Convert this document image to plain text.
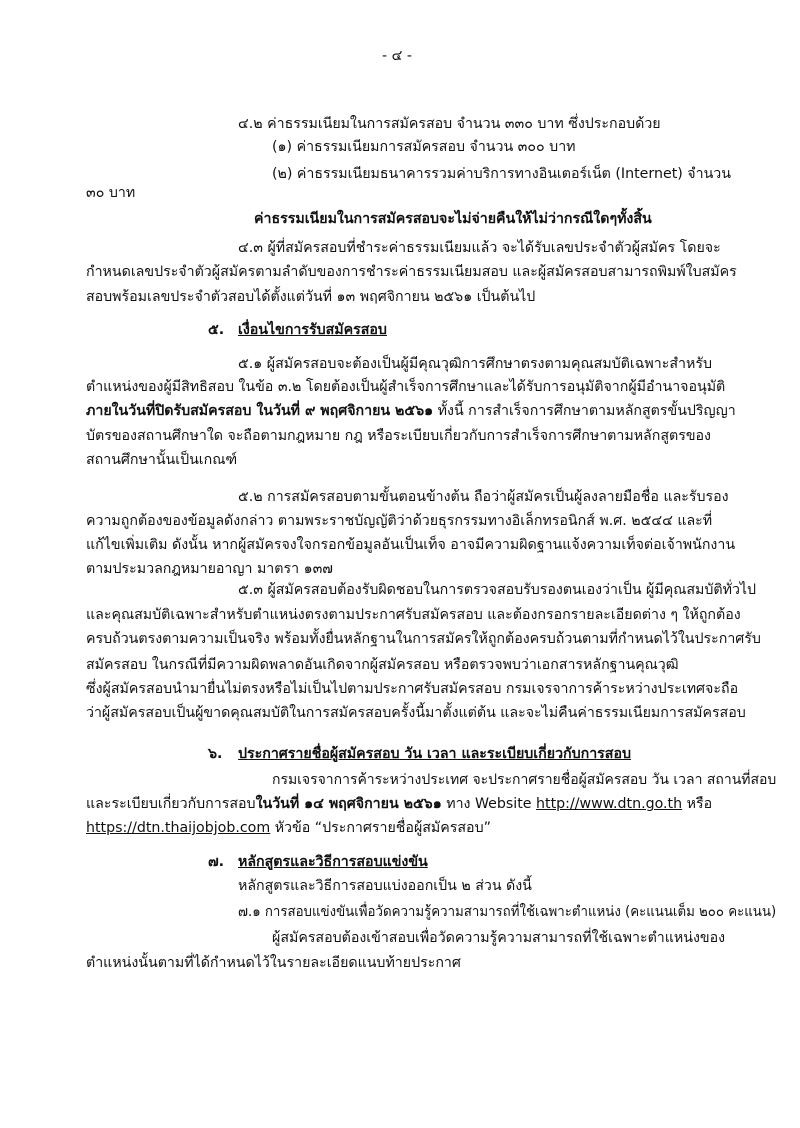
- ๔ -
๔.๒ ค่าธรรมเนียมในการสมัครสอบ จำนวน ๓๓๐ บาท ซึ่งประกอบด้วย
(๑) ค่าธรรมเนียมการสมัครสอบ จำนวน ๓๐๐ บาท
(๒) ค่าธรรมเนียมธนาคารรวมค่าบริการทางอินเตอร์เน็ต (Internet) จำนวน
๓๐ บาท
ค่าธรรมเนียมในการสมัครสอบจะไม่จ่ายคืนให้ไม่ว่ากรณีใดๆทั้งสิ้น
๔.๓ ผู้ที่สมัครสอบที่ชำระค่าธรรมเนียมแล้ว จะได้รับเลขประจำตัวผู้สมัคร โดยจะ
กำหนดเลขประจำตัวผู้สมัครตามลำดับของการชำระค่าธรรมเนียมสอบ และผู้สมัครสอบสามารถพิมพ์ใบสมัคร
สอบพร้อมเลขประจำตัวสอบได้ตั้งแต่วันที่ ๑๓ พฤศจิกายน ๒๕๖๑ เป็นต้นไป
๕. เงื่อนไขการรับสมัครสอบ
๕.๑ ผู้สมัครสอบจะต้องเป็นผู้มีคุณวุฒิการศึกษาตรงตามคุณสมบัติเฉพาะสำหรับ
ตำแหน่งของผู้มีสิทธิสอบ ในข้อ ๓.๒ โดยต้องเป็นผู้สำเร็จการศึกษาและได้รับการอนุมัติจากผู้มีอำนาจอนุมัติ
ภายในวันที่ปิดรับสมัครสอบ ในวันที่ ๙ พฤศจิกายน ๒๕๖๑ ทั้งนี้ การสำเร็จการศึกษาตามหลักสูตรขั้นปริญญา
บัตรของสถานศึกษาใด จะถือตามกฎหมาย กฎ หรือระเบียบเกี่ยวกับการสำเร็จการศึกษาตามหลักสูตรของ
สถานศึกษานั้นเป็นเกณฑ์
๕.๒ การสมัครสอบตามขั้นตอนข้างต้น ถือว่าผู้สมัครเป็นผู้ลงลายมือชื่อ และรับรอง
ความถูกต้องของข้อมูลดังกล่าว ตามพระราชบัญญัติว่าด้วยธุรกรรมทางอิเล็กทรอนิกส์ พ.ศ. ๒๕๔๔ และที่
แก้ไขเพิ่มเติม ดังนั้น หากผู้สมัครจงใจกรอกข้อมูลอันเป็นเท็จ อาจมีความผิดฐานแจ้งความเท็จต่อเจ้าพนักงาน
ตามประมวลกฎหมายอาญา มาตรา ๑๓๗
๕.๓ ผู้สมัครสอบต้องรับผิดชอบในการตรวจสอบรับรองตนเองว่าเป็น ผู้มีคุณสมบัติทั่วไป
และคุณสมบัติเฉพาะสำหรับตำแหน่งตรงตามประกาศรับสมัครสอบ และต้องกรอกรายละเอียดต่าง ๆ ให้ถูกต้อง
ครบถ้วนตรงตามความเป็นจริง พร้อมทั้งยื่นหลักฐานในการสมัครให้ถูกต้องครบถ้วนตามที่กำหนดไว้ในประกาศรับ
สมัครสอบ ในกรณีที่มีความผิดพลาดอันเกิดจากผู้สมัครสอบ หรือตรวจพบว่าเอกสารหลักฐานคุณวุฒิ
ซึ่งผู้สมัครสอบนำมายื่นไม่ตรงหรือไม่เป็นไปตามประกาศรับสมัครสอบ กรมเจรจาการค้าระหว่างประเทศจะถือ
ว่าผู้สมัครสอบเป็นผู้ขาดคุณสมบัติในการสมัครสอบครั้งนี้มาตั้งแต่ต้น และจะไม่คืนค่าธรรมเนียมการสมัครสอบ
๖. ประกาศรายชื่อผู้สมัครสอบ วัน เวลา และระเบียบเกี่ยวกับการสอบ
กรมเจรจาการค้าระหว่างประเทศ จะประกาศรายชื่อผู้สมัครสอบ วัน เวลา สถานที่สอบ
และระเบียบเกี่ยวกับการสอบในวันที่ ๑๔ พฤศจิกายน ๒๕๖๑ ทาง Website http://www.dtn.go.th หรือ
https://dtn.thaijobjob.com หัวข้อ “ประกาศรายชื่อผู้สมัครสอบ”
๗. หลักสูตรและวิธีการสอบแข่งขัน
หลักสูตรและวิธีการสอบแบ่งออกเป็น ๒ ส่วน ดังนี้
๗.๑ การสอบแข่งขันเพื่อวัดความรู้ความสามารถที่ใช้เฉพาะตำแหน่ง (คะแนนเต็ม ๒๐๐ คะแนน)
ผู้สมัครสอบต้องเข้าสอบเพื่อวัดความรู้ความสามารถที่ใช้เฉพาะตำแหน่งของ
ตำแหน่งนั้นตามที่ได้กำหนดไว้ในรายละเอียดแนบท้ายประกาศ
